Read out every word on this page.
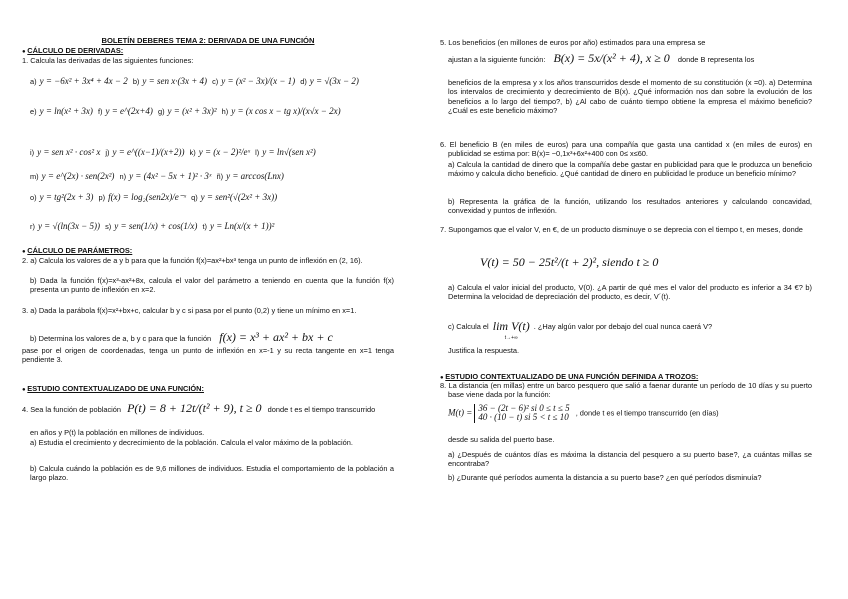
BOLETÍN DEBERES TEMA 2: DERIVADA DE UNA FUNCIÓN
● CÁLCULO DE DERIVADAS:
1. Calcula las derivadas de las siguientes funciones:
a) y = −6x² + 3x⁴ + 4x − 2 b) y = sen x·(3x + 4) c) y = (x² − 3x)/(x − 1) d) y = √(3x − 2)
e) y = ln(x² + 3x) f) y = e^(2x+4) g) y = (x² + 3x)² h) y = (x cos x − tg x)/(x√x − 2x)
i) y = sen x² · cos² x j) y = e^((x−1)/(x+2)) k) y = (x − 2)²/eˣ l) y = ln√(sen x²)
m) y = e^(2x) · sen(2x²) n) y = (4x² − 5x + 1)² · 3ˣ ñ) y = arccos(Lnx)
o) y = tg²(2x + 3) p) f(x) = log₂(sen2x)/e⁻ˣ q) y = sen²(√(2x² + 3x))
r) y = √(ln(3x − 5)) s) y = sen(1/x) + cos(1/x) t) y = Ln(x/(x + 1))²
● CÁLCULO DE PARÁMETROS:
2. a) Calcula los valores de a y b para que la función f(x)=ax²+bx³ tenga un punto de inflexión en (2, 16).
b) Dada la función f(x)=x³-ax²+8x, calcula el valor del parámetro a teniendo en cuenta que la función f(x) presenta un punto de inflexión en x=2.
3. a) Dada la parábola f(x)=x²+bx+c, calcular b y c si pasa por el punto (0,2) y tiene un mínimo en x=1.
b) Determina los valores de a, b y c para que la función f(x) = x³ + ax² + bx + c
pase por el origen de coordenadas, tenga un punto de inflexión en x=-1 y su recta tangente en x=1 tenga pendiente 3.
● ESTUDIO CONTEXTUALIZADO DE UNA FUNCIÓN:
4. Sea la función de población P(t) = 8 + 12t/(t² + 9), t ≥ 0 donde t es el tiempo transcurrido
en años y P(t) la población en millones de individuos.
a) Estudia el crecimiento y decrecimiento de la población. Calcula el valor máximo de la población.
b) Calcula cuándo la población es de 9,6 millones de individuos. Estudia el comportamiento de la población a largo plazo.
5. Los beneficios (en millones de euros por año) estimados para una empresa se
ajustan a la siguiente función: B(x) = 5x/(x² + 4), x ≥ 0 donde B representa los
beneficios de la empresa y x los años transcurridos desde el momento de su constitución (x =0). a) Determina los intervalos de crecimiento y decrecimiento de B(x). ¿Qué información nos dan sobre la evolución de los beneficios a lo largo del tiempo?, b) ¿Al cabo de cuánto tiempo obtiene la empresa el máximo beneficio? ¿Cuál es este beneficio máximo?
6. El beneficio B (en miles de euros) para una compañía que gasta una cantidad x (en miles de euros) en publicidad se estima por: B(x)= −0,1x³+6x²+400 con 0≤ x≤60.
a) Calcula la cantidad de dinero que la compañía debe gastar en publicidad para que le produzca un beneficio máximo y calcula dicho beneficio. ¿Qué cantidad de dinero en publicidad le produce un beneficio mínimo?
b) Representa la gráfica de la función, utilizando los resultados anteriores y calculando concavidad, convexidad y puntos de inflexión.
7. Supongamos que el valor V, en €, de un producto disminuye o se deprecia con el tiempo t, en meses, donde
V(t) = 50 − 25t²/(t + 2)², siendo t ≥ 0
a) Calcula el valor inicial del producto, V(0). ¿A partir de qué mes el valor del producto es inferior a 34 €? b) Determina la velocidad de depreciación del producto, es decir, V´(t).
c) Calcula el lim V(t)
t→+∞ . ¿Hay algún valor por debajo del cual nunca caerá V?
Justifica la respuesta.
● ESTUDIO CONTEXTUALIZADO DE UNA FUNCIÓN DEFINIDA A TROZOS:
8. La distancia (en millas) entre un barco pesquero que salió a faenar durante un período de 10 días y su puerto base viene dada por la función:
M(t) = 36 − (2t − 6)² si 0 ≤ t ≤ 5
40 · (10 − t) si 5 < t ≤ 10 , donde t es el tiempo transcurrido (en días)
desde su salida del puerto base.
a) ¿Después de cuántos días es máxima la distancia del pesquero a su puerto base?, ¿a cuántas millas se encontraba?
b) ¿Durante qué períodos aumenta la distancia a su puerto base? ¿en qué períodos disminuía?
